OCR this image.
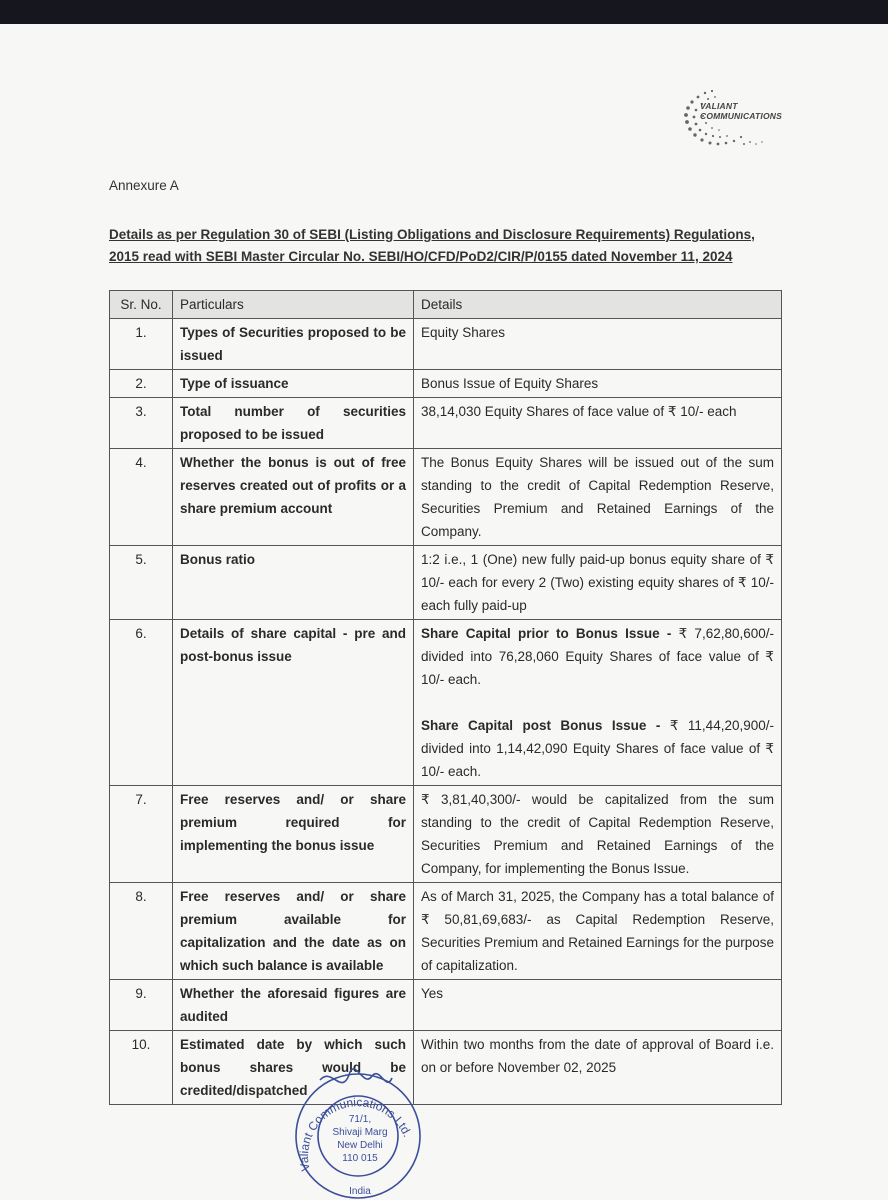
VALIANT
COMMUNICATIONS
Annexure A
Details as per Regulation 30 of SEBI (Listing Obligations and Disclosure Requirements) Regulations,
2015 read with SEBI Master Circular No. SEBI/HO/CFD/PoD2/CIR/P/0155 dated November 11, 2024
Sr. No.	Particulars	Details
1.	Types of Securities proposed to be issued	Equity Shares
2.	Type of issuance	Bonus Issue of Equity Shares
3.	Total number of securities proposed to be issued	38,14,030 Equity Shares of face value of ₹ 10/- each
4.	Whether the bonus is out of free reserves created out of profits or a share premium account	The Bonus Equity Shares will be issued out of the sum standing to the credit of Capital Redemption Reserve, Securities Premium and Retained Earnings of the Company.
5.	Bonus ratio	1:2 i.e., 1 (One) new fully paid-up bonus equity share of ₹ 10/- each for every 2 (Two) existing equity shares of ₹ 10/- each fully paid-up
6.	Details of share capital - pre and post-bonus issue	Share Capital prior to Bonus Issue - ₹ 7,62,80,600/- divided into 76,28,060 Equity Shares of face value of ₹ 10/- each.
Share Capital post Bonus Issue - ₹ 11,44,20,900/- divided into 1,14,42,090 Equity Shares of face value of ₹ 10/- each.

7.	Free reserves and/ or share premium required for implementing the bonus issue	₹ 3,81,40,300/- would be capitalized from the sum standing to the credit of Capital Redemption Reserve, Securities Premium and Retained Earnings of the Company, for implementing the Bonus Issue.
8.	Free reserves and/ or share premium available for capitalization and the date as on which such balance is available	As of March 31, 2025, the Company has a total balance of ₹ 50,81,69,683/- as Capital Redemption Reserve, Securities Premium and Retained Earnings for the purpose of capitalization.
9.	Whether the aforesaid figures are audited	Yes
10.	Estimated date by which such bonus shares would be credited/dispatched	Within two months from the date of approval of Board i.e. on or before November 02, 2025
Valiant Communications Ltd.
71/1,
Shivaji Marg
New Delhi
110 015
India
